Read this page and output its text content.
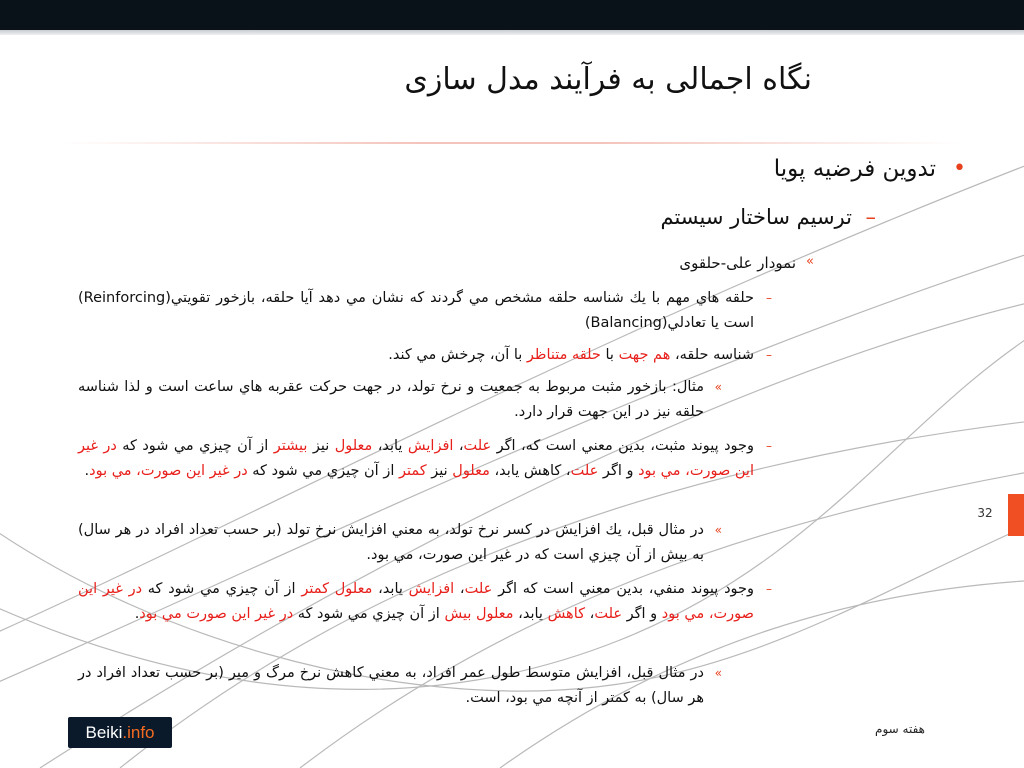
نگاه اجمالی به فرآیند مدل سازی
•
تدوین فرضیه پویا
–
ترسیم ساختار سیستم
»
نمودار علی-حلقوی
–
حلقه هاي مهم با يك شناسه حلقه مشخص مي گردند كه نشان مي دهد آيا حلقه، بازخور تقويتي(Reinforcing) است يا تعادلي(Balancing)
–
شناسه حلقه، هم جهت با حلقه متناظر با آن، چرخش مي كند.
»
مثال: بازخور مثبت مربوط به جمعيت و نرخ تولد، در جهت حركت عقربه هاي ساعت است و لذا شناسه حلقه نيز در اين جهت قرار دارد.
–
وجود پيوند مثبت، بدين معني است كه، اگر علت، افزايش يابد، معلول نيز بيشتر از آن چيزي مي شود كه در غير اين صورت، مي بود و اگر علت، كاهش يابد، معلول نيز كمتر از آن چيزي مي شود كه در غير اين صورت، مي بود.
»
در مثال قبل، يك افزايش در كسر نرخ تولد، به معني افزايش نرخ تولد (بر حسب تعداد افراد در هر سال) به بيش از آن چيزي است كه در غير اين صورت، مي بود.
–
وجود پيوند منفي، بدين معني است كه اگر علت، افزايش يابد، معلول كمتر از آن چيزي مي شود كه در غير اين صورت، مي بود و اگر علت، كاهش يابد، معلول بيش از آن چيزي مي شود كه در غير اين صورت مي بود.
»
در مثال قبل، افزايش متوسط طول عمر افراد، به معني كاهش نرخ مرگ و مير (بر حسب تعداد افراد در هر سال) به كمتر از آنچه مي بود، است.
32
هفته سوم
Beiki.info
